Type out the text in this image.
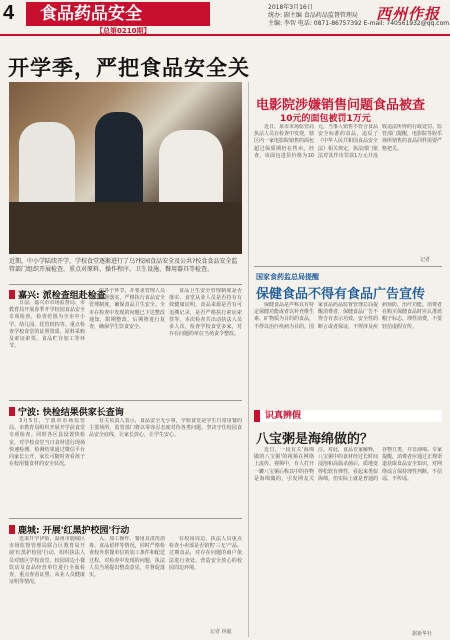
4	食品药品安全
【总第0210期】
2018年3月16日
统办: 副主编 食品药品监督管理局
主编: 李智 电话: 0871-86757392 E-mail: 740561932@qq.com
西州作报
开学季，严把食品安全关
近期，中小学陆续开学，学校食堂逐渐进行了乌?校园食品安全及公共?校食食品安全监管部门组织开展检查，重点对原料、操作程序、卫生设施、餐用器具等检查。
嘉兴: 派检查组赴检查

日前，嘉兴市市场监督局、市教育局开展春季开学校园食品安全专项检查，检查范围为全市中小学、幼儿园、托管机构等。重点检查学校食堂的证照资质、原料采购及索证索票、食品贮存加工等环节。

的各个环节，并要求管理人员做好监督落实，严格执行食品安全管理制度，确保食品卫生安全。全市在检查中发现的问题已下达整改通知，限期整改，后期将进行复查，确保学生饮食安全。

食品卫生安全管理制度是否落实、食堂从业人员是否持有有效健康证明，食品来源是否有可追溯记录，是否严格执行索证索票等。本次检查共出动执法人员多人次，检查学校食堂多家，对存在问题的单位当场责令整改。

宁波: 快检结果供家长查询

3月5日，宁波市市场监管局、市教育局组织开展开学前食堂专项检查。同时各区县设置快检室，对学校食堂当日食材进行现场快速检测，检测结果通过微信平台向家长公开，家长可随时查看孩子在校用餐食材的安全状况。

有关负责人表示，食品安全无小事，学校食堂是学生日常用餐的主要场所，监管部门将以零容忍态度对待各类问题，坚决守住校园食品安全底线，让家长放心，让学生安心。

鹿城: 开展'红黑护校园'行动

近来开学伊始，温州市鹿城区市场监督管理局联合区教育局开展'红黑护校园'行动，组织执法人员对辖区学校食堂、校园周边小餐饮店及食品经营单位进行全面检查，重点查看证照、从业人员健康证明等情况。

入、加工操作、餐用具清洗消毒、食品留样等情况，同时严格检查校外供餐单位的加工条件和配送过程。对检查中发现的问题，执法人员当场提出整改意见，并督促落实。

在校园周边，执法人员重点检查小卖部是否销售'三无'产品、过期食品，对存在问题的商户依法进行查处，营造安全放心的校园周边环境。

记者 林毅
电影院涉嫌销售问题食品被查
10元的面包被罚1万元

近日，某市市场监管局执法人员在检查中发现，辖区内一家电影院销售的面包超过保质期仍在售卖。经查，该面包进货价格为10元，当事人销售不符合食品安全标准的食品，违反了《中华人民共和国食品安全法》相关规定，执法部门依法对其作出罚款1万元并没收违法所得的行政处罚。监管部门提醒，电影院等娱乐场所销售的食品同样需要严格把关。

记者
国家食药监总局提醒
保健食品不得有食品广告宣传

保健食品是声称具有特定保健功能或者以补充维生素、矿物质为目的的食品，不得以治疗疾病为目的。国家食品药品监督管理总局提醒消费者，保健食品广告不得含有表示功效、安全性的断言或者保证，不得涉及疾病预防、治疗功能。消费者在购买保健食品时应认准蓝帽子标志，理性消费，不要轻信虚假宣传。

识真辨假
八宝粥是海绵做的？

近日，一段有关'海绵做的八宝粥'的视频在网络上流传。视频中，有人打开一罐八宝粥后称其中的谷物是海绵做的，引发网友关注。对此，食品专家解释，八宝粥中的食材经过长时间浸泡和高温杀菌后，质地变得松软有弹性，看起来类似海绵，但实际上就是普通的谷物豆类，并非海绵。专家提醒，消费者应通过正规渠道获取食品安全知识，对网络谣言保持理性判断，不信谣、不传谣。

据新华社
